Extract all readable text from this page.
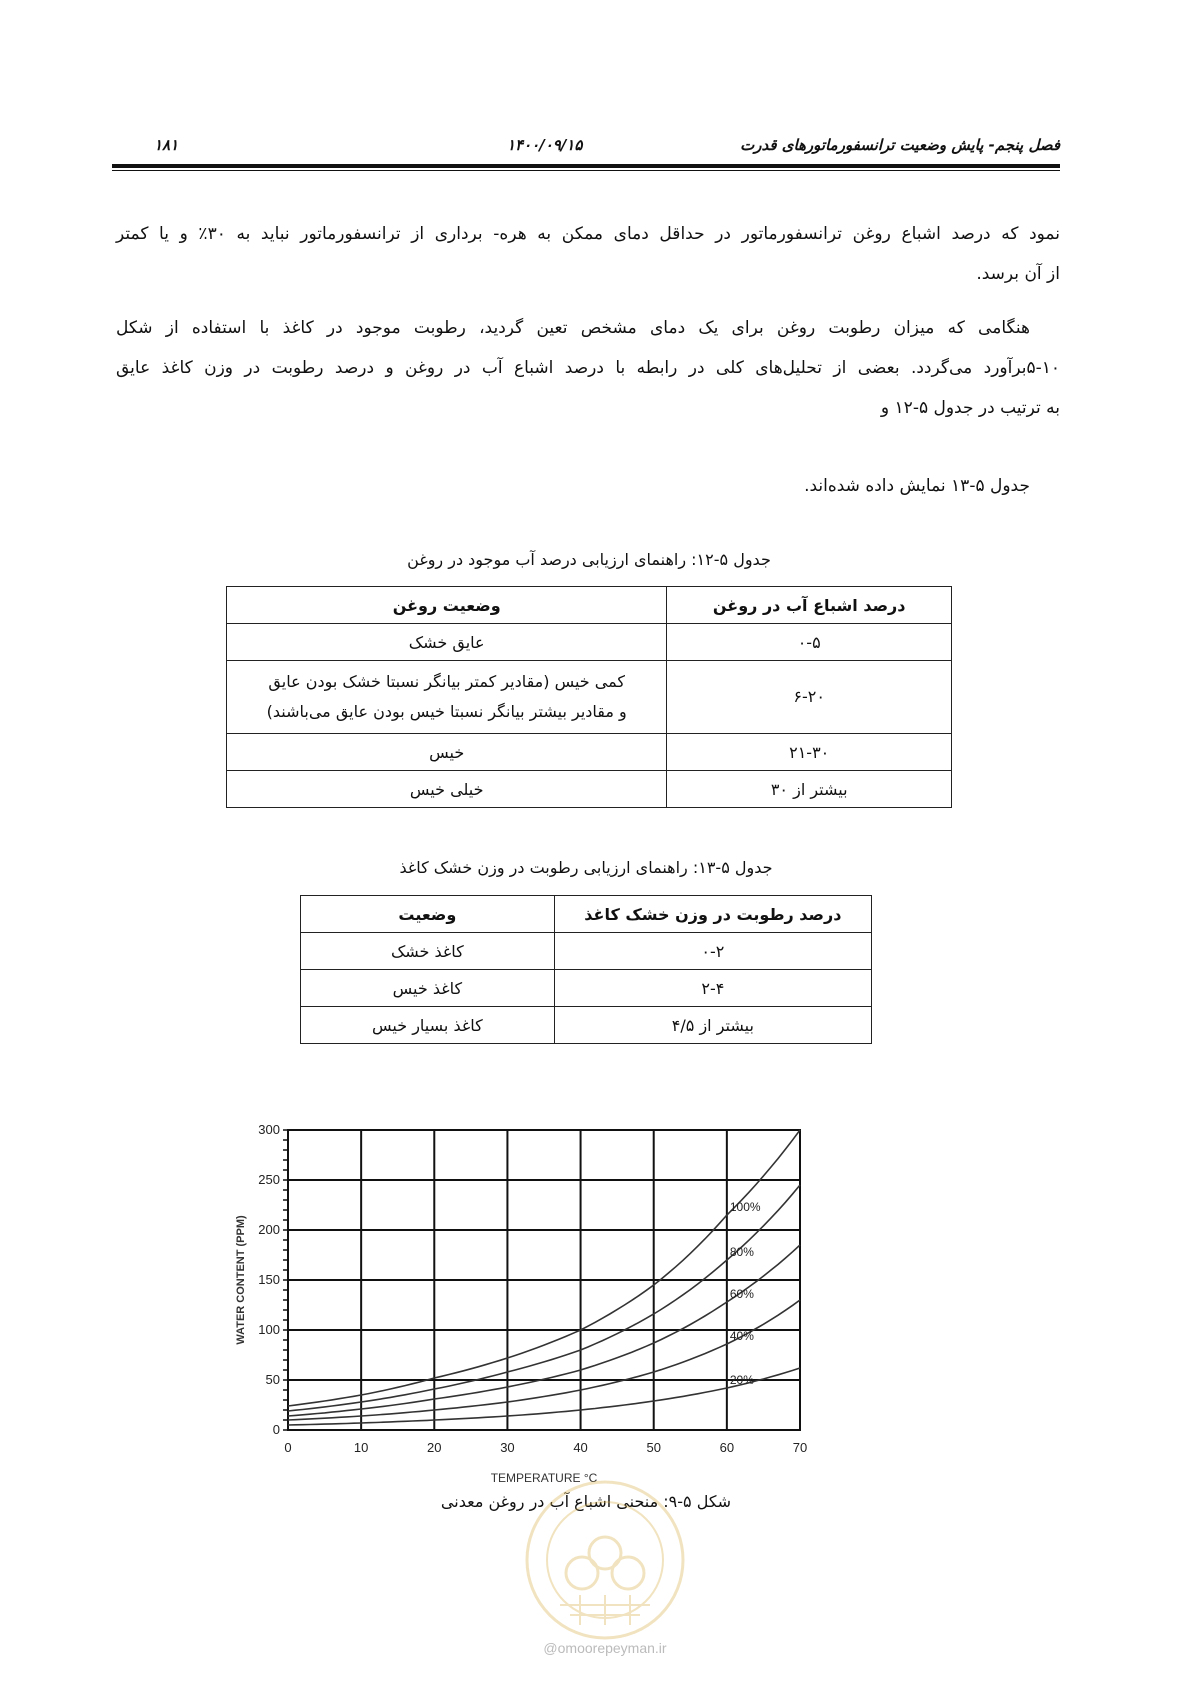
فصل پنجم- پایش وضعیت ترانسفورماتورهای قدرت
۱۴۰۰/۰۹/۱۵
۱۸۱
نمود که درصد اشباع روغن ترانسفورماتور در حداقل دمای ممکن به هره- برداری از ترانسفورماتور نباید به ۳۰٪ و یا کمتر
از آن برسد.
هنگامی که میزان رطوبت روغن برای یک دمای مشخص تعین گردید، رطوبت موجود در کاغذ با استفاده از شکل
۵-۱۰برآورد می‌گردد. بعضی از تحلیل‌های کلی در رابطه با درصد اشباع آب در روغن و درصد رطوبت در وزن کاغذ عایق
به ترتیب در جدول ۵-۱۲ و
جدول ۵-۱۳ نمایش داده شده‌اند.
جدول ۵-۱۲: راهنمای ارزیابی درصد آب موجود در روغن
درصد اشباع آب در روغن	وضعیت روغن
۰-۵	عایق خشک
۶-۲۰	کمی خیس (مقادیر کمتر بیانگر نسبتا خشک بودن عایق
و مقادیر بیشتر بیانگر نسبتا خیس بودن عایق می‌باشند)

۲۱-۳۰	خیس
بیشتر از ۳۰	خیلی خیس
جدول ۵-۱۳: راهنمای ارزیابی رطوبت در وزن خشک کاغذ
درصد رطوبت در وزن خشک کاغذ	وضعیت
۰-۲	کاغذ خشک
۲-۴	کاغذ خیس
بیشتر از ۴/۵	کاغذ بسیار خیس
0	10	20	30	40	50	60	70
0
50
100
150
200
250
300
TEMPERATURE °C
WATER CONTENT (PPM)
100%
80%
60%
40%
20%
شکل ۵-۹: منحنی اشباع آب در روغن معدنی
@omoorepeyman.ir
